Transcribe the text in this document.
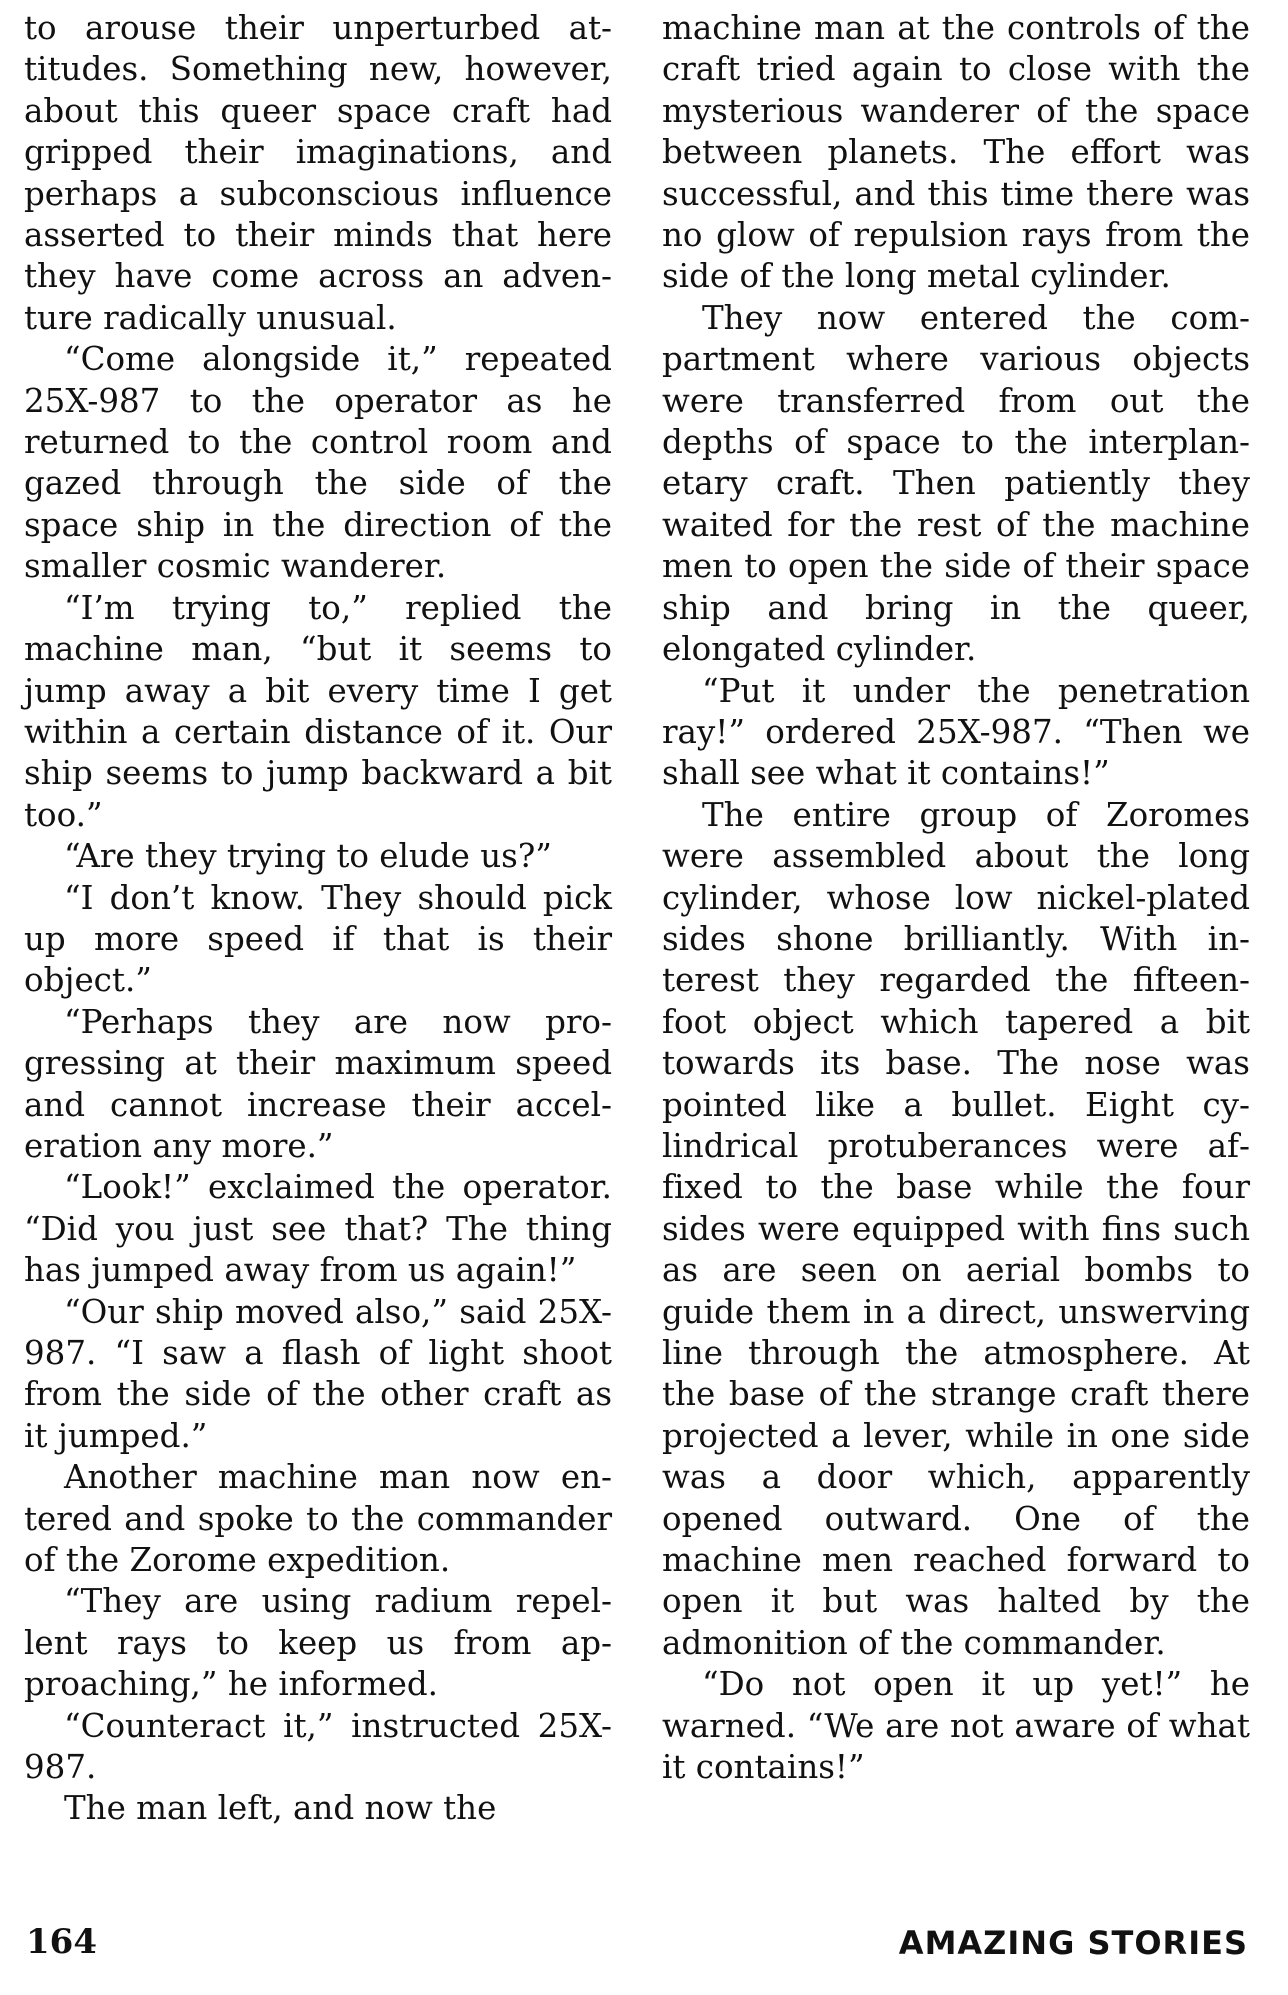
to arouse their unperturbed attitudes. Something new, however, about this queer space craft had gripped their imaginations, and perhaps a subconscious influence asserted to their minds that here they have come across an adventure radically unusual.

“Come alongside it,” repeated 25X-987 to the operator as he returned to the control room and gazed through the side of the space ship in the direction of the smaller cosmic wanderer.

“I’m trying to,” replied the machine man, “but it seems to jump away a bit every time I get within a certain distance of it. Our ship seems to jump backward a bit too.”

“Are they trying to elude us?”

“I don’t know. They should pick up more speed if that is their object.”

“Perhaps they are now progressing at their maximum speed and cannot increase their acceleration any more.”

“Look!” exclaimed the operator. “Did you just see that? The thing has jumped away from us again!”

“Our ship moved also,” said 25X-987. “I saw a flash of light shoot from the side of the other craft as it jumped.”

Another machine man now entered and spoke to the commander of the Zorome expedition.

“They are using radium repellent rays to keep us from approaching,” he informed.

“Counteract it,” instructed 25X-987.

The man left, and now the

machine man at the controls of the craft tried again to close with the mysterious wanderer of the space between planets. The effort was successful, and this time there was no glow of repulsion rays from the side of the long metal cylinder.

They now entered the compartment where various objects were transferred from out the depths of space to the interplanetary craft. Then patiently they waited for the rest of the machine men to open the side of their space ship and bring in the queer, elongated cylinder.

“Put it under the penetration ray!” ordered 25X-987. “Then we shall see what it contains!”

The entire group of Zoromes were assembled about the long cylinder, whose low nickel-plated sides shone brilliantly. With interest they regarded the fifteen-foot object which tapered a bit towards its base. The nose was pointed like a bullet. Eight cylindrical protuberances were affixed to the base while the four sides were equipped with fins such as are seen on aerial bombs to guide them in a direct, unswerving line through the atmosphere. At the base of the strange craft there projected a lever, while in one side was a door which, apparently opened outward. One of the machine men reached forward to open it but was halted by the admonition of the commander.

“Do not open it up yet!” he warned. “We are not aware of what it contains!”

164	AMAZING STORIES
